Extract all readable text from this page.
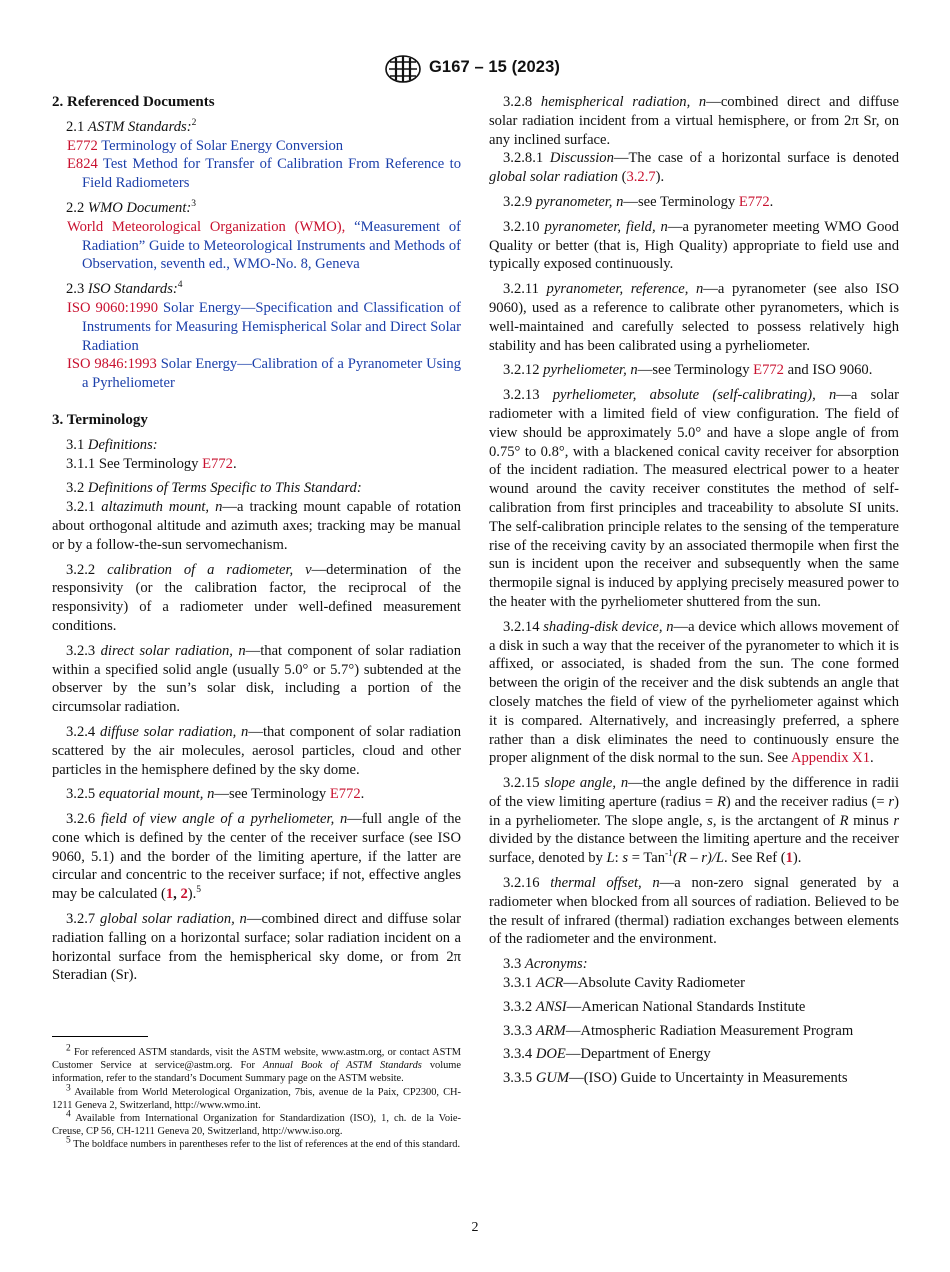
G167 – 15 (2023)

2. Referenced Documents

2.1 ASTM Standards:$^2$

E772 Terminology of Solar Energy Conversion

E824 Test Method for Transfer of Calibration From Reference to Field Radiometers

2.2 WMO Document:$^3$

World Meteorological Organization (WMO), “Measurement of Radiation” Guide to Meteorological Instruments and Methods of Observation, seventh ed., WMO-No. 8, Geneva

2.3 ISO Standards:$^4$

ISO 9060:1990 Solar Energy—Specification and Classification of Instruments for Measuring Hemispherical Solar and Direct Solar Radiation

ISO 9846:1993 Solar Energy—Calibration of a Pyranometer Using a Pyrheliometer

3. Terminology

3.1 Definitions:

3.1.1 See Terminology E772.

3.2 Definitions of Terms Specific to This Standard:

3.2.1 altazimuth mount, n—a tracking mount capable of rotation about orthogonal altitude and azimuth axes; tracking may be manual or by a follow-the-sun servomechanism.

3.2.2 calibration of a radiometer, v—determination of the responsivity (or the calibration factor, the reciprocal of the responsivity) of a radiometer under well-defined measurement conditions.

3.2.3 direct solar radiation, n—that component of solar radiation within a specified solid angle (usually 5.0° or 5.7°) subtended at the observer by the sun’s solar disk, including a portion of the circumsolar radiation.

3.2.4 diffuse solar radiation, n—that component of solar radiation scattered by the air molecules, aerosol particles, cloud and other particles in the hemisphere defined by the sky dome.

3.2.5 equatorial mount, n—see Terminology E772.

3.2.6 field of view angle of a pyrheliometer, n—full angle of the cone which is defined by the center of the receiver surface (see ISO 9060, 5.1) and the border of the limiting aperture, if the latter are circular and concentric to the receiver surface; if not, effective angles may be calculated (1, 2).$^5$

3.2.7 global solar radiation, n—combined direct and diffuse solar radiation falling on a horizontal surface; solar radiation incident on a horizontal surface from the hemispherical sky dome, or from 2π Steradian (Sr).

$^2$ For referenced ASTM standards, visit the ASTM website, www.astm.org, or contact ASTM Customer Service at service@astm.org. For Annual Book of ASTM Standards volume information, refer to the standard’s Document Summary page on the ASTM website.

$^3$ Available from World Meterological Organization, 7bis, avenue de la Paix, CP2300, CH-1211 Geneva 2, Switzerland, http://www.wmo.int.

$^4$ Available from International Organization for Standardization (ISO), 1, ch. de la Voie-Creuse, CP 56, CH-1211 Geneva 20, Switzerland, http://www.iso.org.

$^5$ The boldface numbers in parentheses refer to the list of references at the end of this standard.

3.2.8 hemispherical radiation, n—combined direct and diffuse solar radiation incident from a virtual hemisphere, or from 2π Sr, on any inclined surface.

3.2.8.1 Discussion—The case of a horizontal surface is denoted global solar radiation (3.2.7).

3.2.9 pyranometer, n—see Terminology E772.

3.2.10 pyranometer, field, n—a pyranometer meeting WMO Good Quality or better (that is, High Quality) appropriate to field use and typically exposed continuously.

3.2.11 pyranometer, reference, n—a pyranometer (see also ISO 9060), used as a reference to calibrate other pyranometers, which is well-maintained and carefully selected to possess relatively high stability and has been calibrated using a pyrheliometer.

3.2.12 pyrheliometer, n—see Terminology E772 and ISO 9060.

3.2.13 pyrheliometer, absolute (self-calibrating), n—a solar radiometer with a limited field of view configuration. The field of view should be approximately 5.0° and have a slope angle of from 0.75° to 0.8°, with a blackened conical cavity receiver for absorption of the incident radiation. The measured electrical power to a heater wound around the cavity receiver constitutes the method of self-calibration from first principles and traceability to absolute SI units. The self-calibration principle relates to the sensing of the temperature rise of the receiving cavity by an associated thermopile when first the sun is incident upon the receiver and subsequently when the same thermopile signal is induced by applying precisely measured power to the heater with the pyrheliometer shuttered from the sun.

3.2.14 shading-disk device, n—a device which allows movement of a disk in such a way that the receiver of the pyranometer to which it is affixed, or associated, is shaded from the sun. The cone formed between the origin of the receiver and the disk subtends an angle that closely matches the field of view of the pyrheliometer against which it is compared. Alternatively, and increasingly preferred, a sphere rather than a disk eliminates the need to continuously ensure the proper alignment of the disk normal to the sun. See Appendix X1.

3.2.15 slope angle, n—the angle defined by the difference in radii of the view limiting aperture (radius = R) and the receiver radius (= r) in a pyrheliometer. The slope angle, s, is the arctangent of R minus r divided by the distance between the limiting aperture and the receiver surface, denoted by L: s = Tan$^{-1}$(R – r)/L. See Ref (1).

3.2.16 thermal offset, n—a non-zero signal generated by a radiometer when blocked from all sources of radiation. Believed to be the result of infrared (thermal) radiation exchanges between elements of the radiometer and the environment.

3.3 Acronyms:

3.3.1 ACR—Absolute Cavity Radiometer

3.3.2 ANSI—American National Standards Institute

3.3.3 ARM—Atmospheric Radiation Measurement Program

3.3.4 DOE—Department of Energy

3.3.5 GUM—(ISO) Guide to Uncertainty in Measurements

2
